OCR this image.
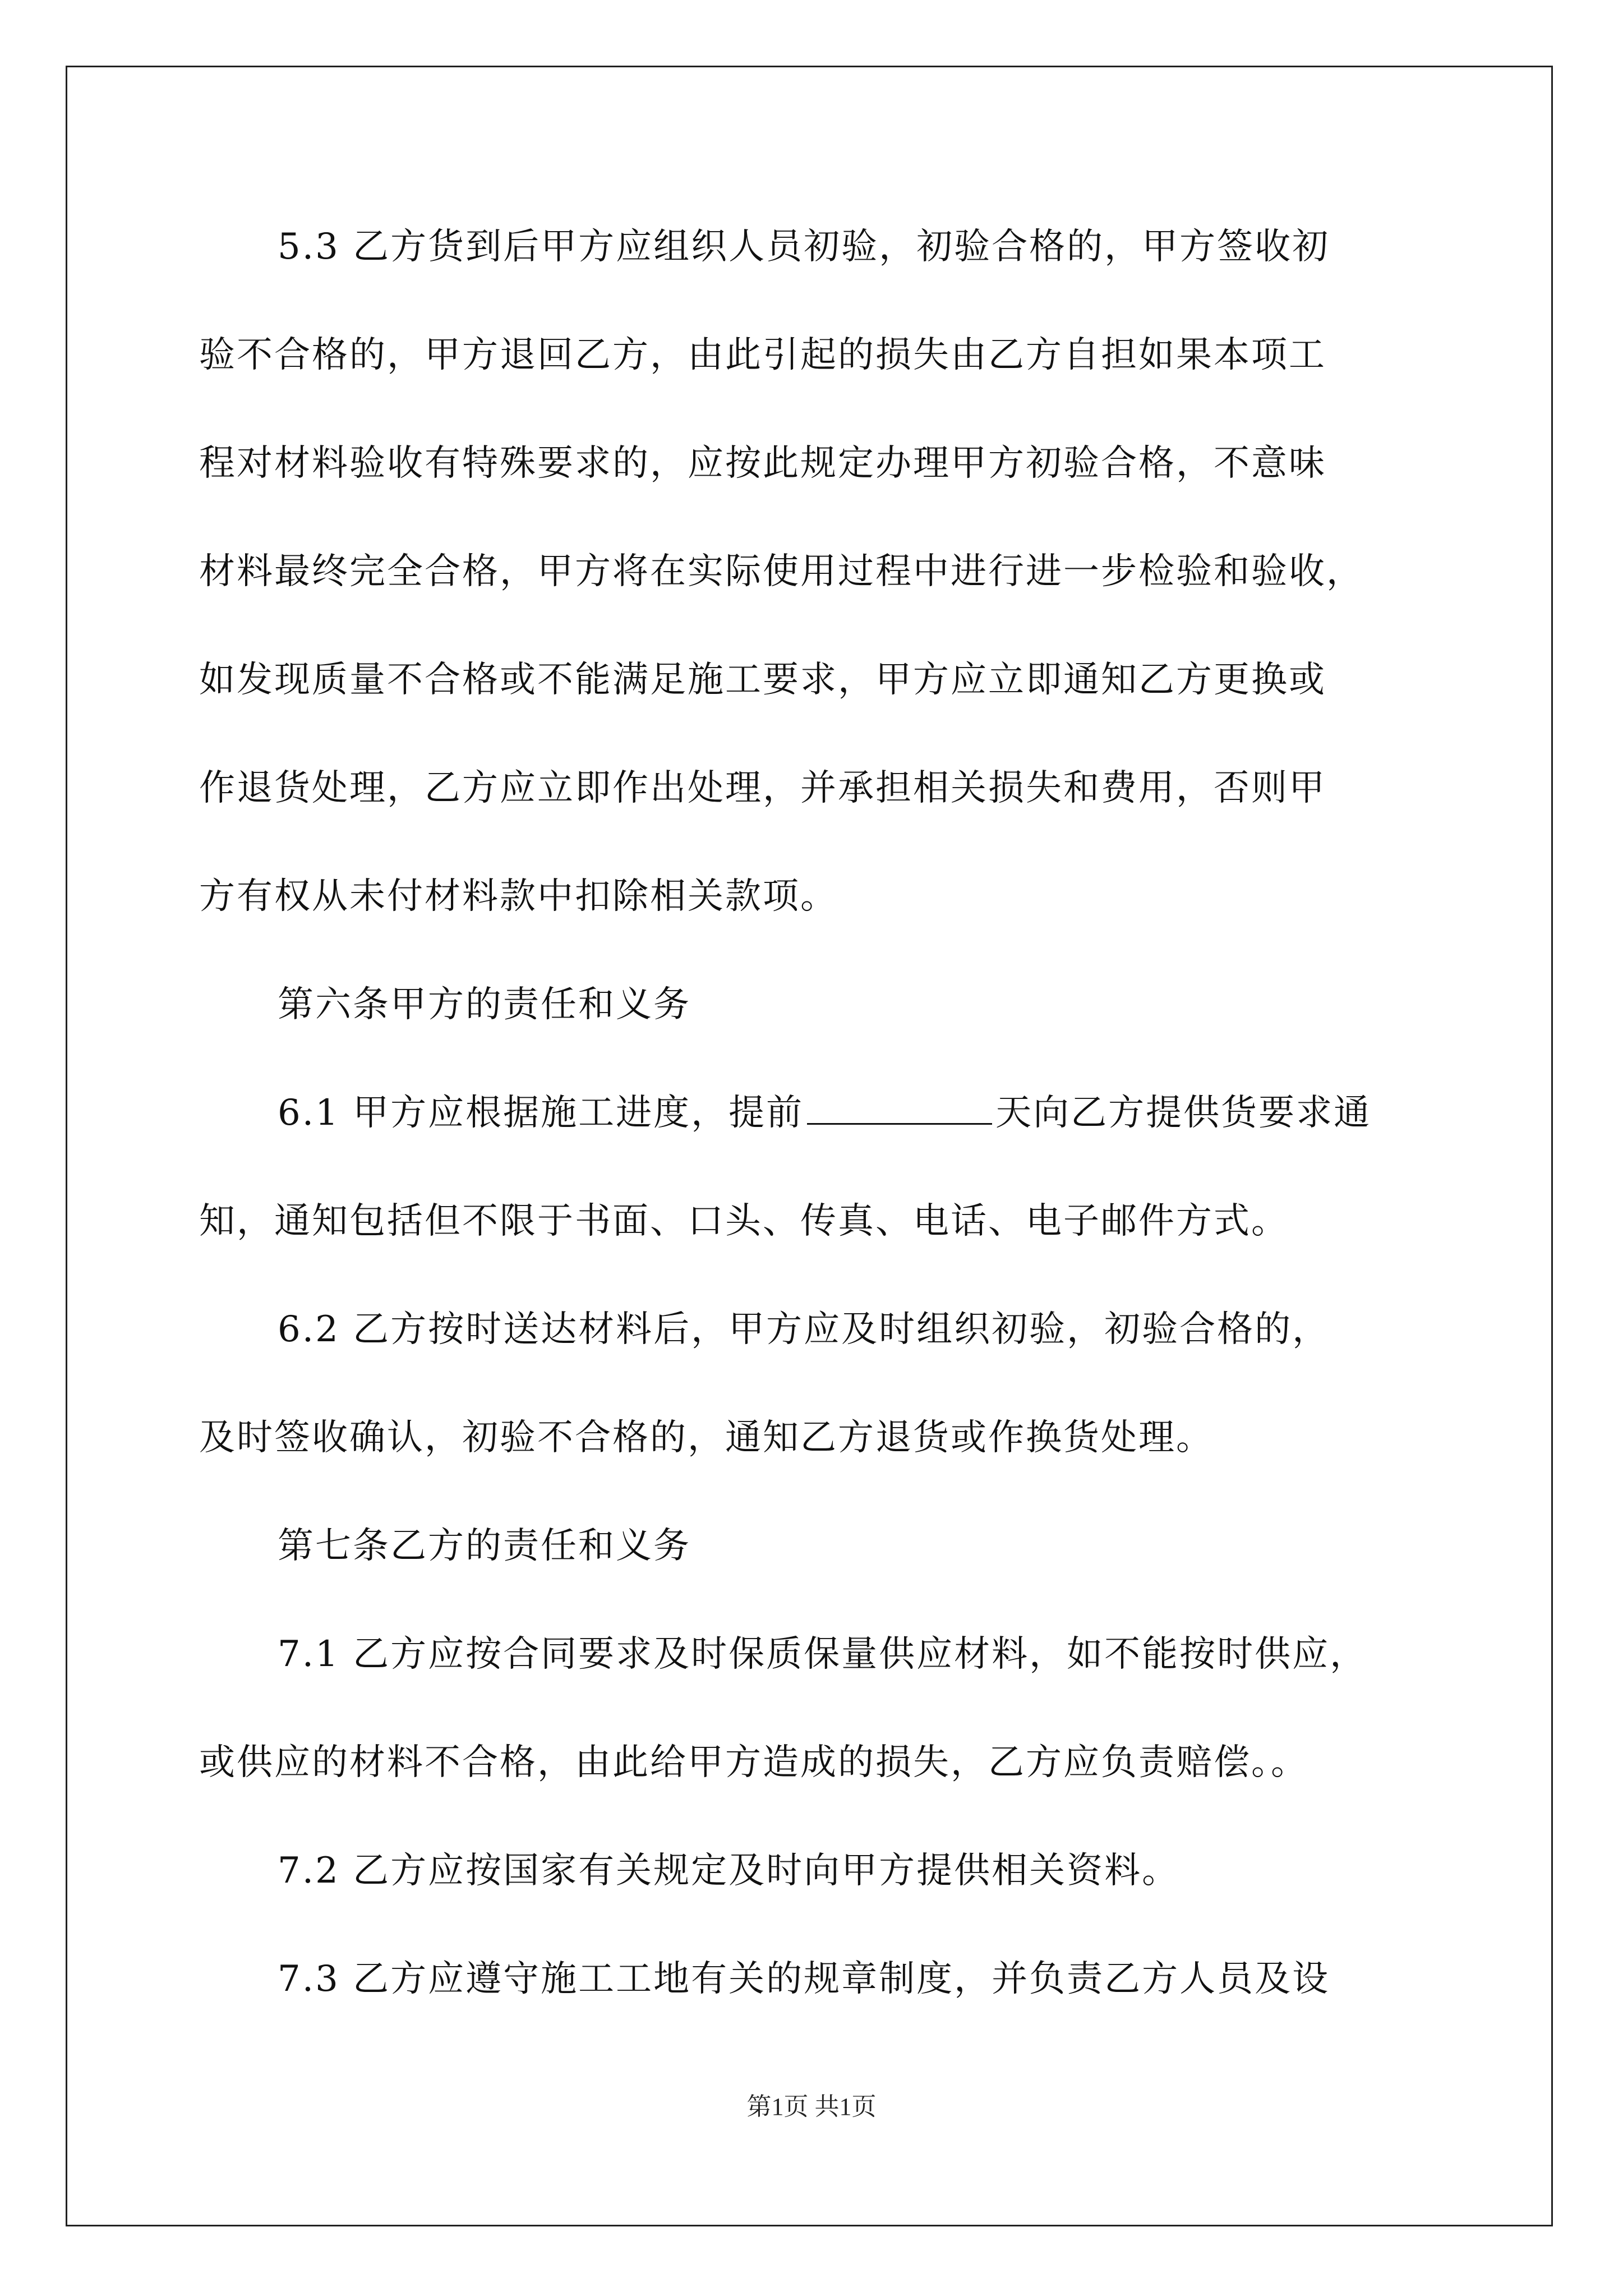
5.3 乙方货到后甲方应组织人员初验，初验合格的，甲方签收初
验不合格的，甲方退回乙方，由此引起的损失由乙方自担如果本项工
程对材料验收有特殊要求的，应按此规定办理甲方初验合格，不意味
材料最终完全合格，甲方将在实际使用过程中进行进一步检验和验收，
如发现质量不合格或不能满足施工要求，甲方应立即通知乙方更换或
作退货处理，乙方应立即作出处理，并承担相关损失和费用，否则甲
方有权从未付材料款中扣除相关款项。
第六条甲方的责任和义务
6.1 甲方应根据施工进度，提前	天向乙方提供货要求通
知，通知包括但不限于书面、口头、传真、电话、电子邮件方式。
6.2 乙方按时送达材料后，甲方应及时组织初验，初验合格的，
及时签收确认，初验不合格的，通知乙方退货或作换货处理。
第七条乙方的责任和义务
7.1 乙方应按合同要求及时保质保量供应材料，如不能按时供应，
或供应的材料不合格，由此给甲方造成的损失，乙方应负责赔偿。。
7.2 乙方应按国家有关规定及时向甲方提供相关资料。
7.3 乙方应遵守施工工地有关的规章制度，并负责乙方人员及设
第1页 共1页
